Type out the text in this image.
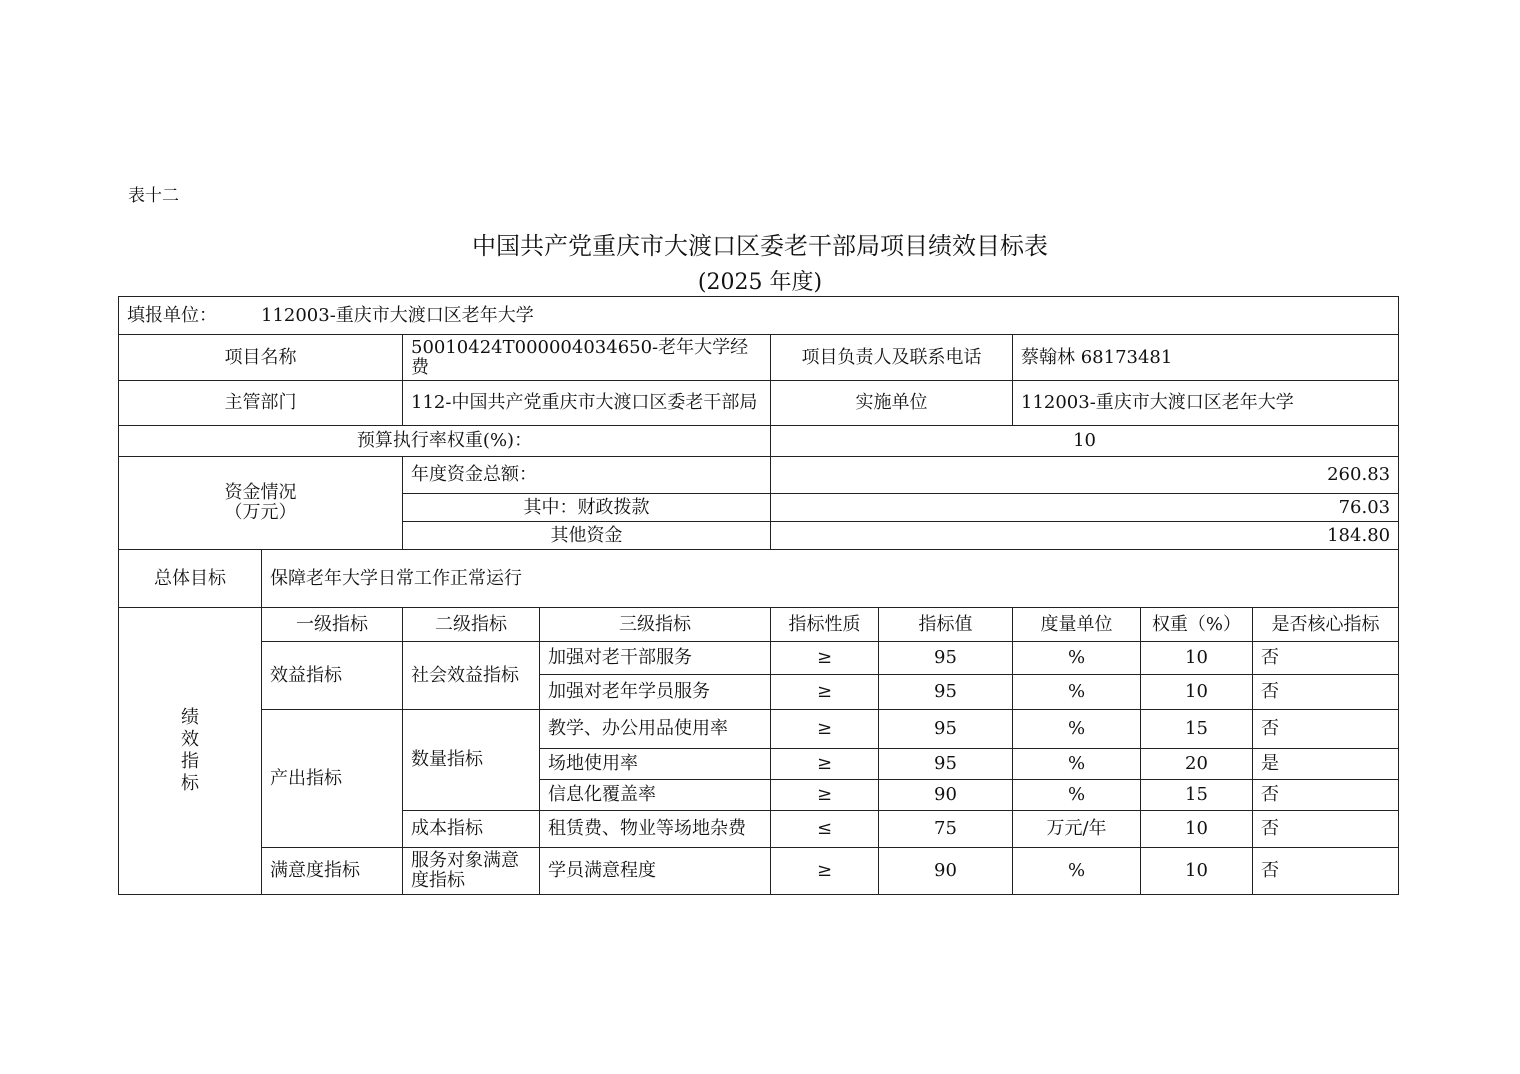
表十二
中国共产党重庆市大渡口区委老干部局项目绩效目标表
(2025 年度)
填报单位： 112003-重庆市大渡口区老年大学								
项目名称		50010424T000004034650-老年大学经费		项目负责人及联系电话		蔡翰林 68173481		
主管部门		112-中国共产党重庆市大渡口区委老干部局		实施单位		112003-重庆市大渡口区老年大学		
预算执行率权重(%)：				10				

资金情况
（万元）		年度资金总额：		260.83				
		其中：财政拨款		76.03				
		其他资金		184.80				
总体目标	保障老年大学日常工作正常运行							

绩
效
指
标	一级指标	二级指标	三级指标	指标性质	指标值	度量单位	权重（%）	是否核心指标
	效益指标	社会效益指标	加强对老干部服务	≥	95	%	10	否
			加强对老年学员服务	≥	95	%	10	否
	产出指标	数量指标	教学、办公用品使用率	≥	95	%	15	否
			场地使用率	≥	95	%	20	是
			信息化覆盖率	≥	90	%	15	否
		成本指标	租赁费、物业等场地杂费	≤	75	万元/年	10	否
	满意度指标	服务对象满意度指标	学员满意程度	≥	90	%	10	否
